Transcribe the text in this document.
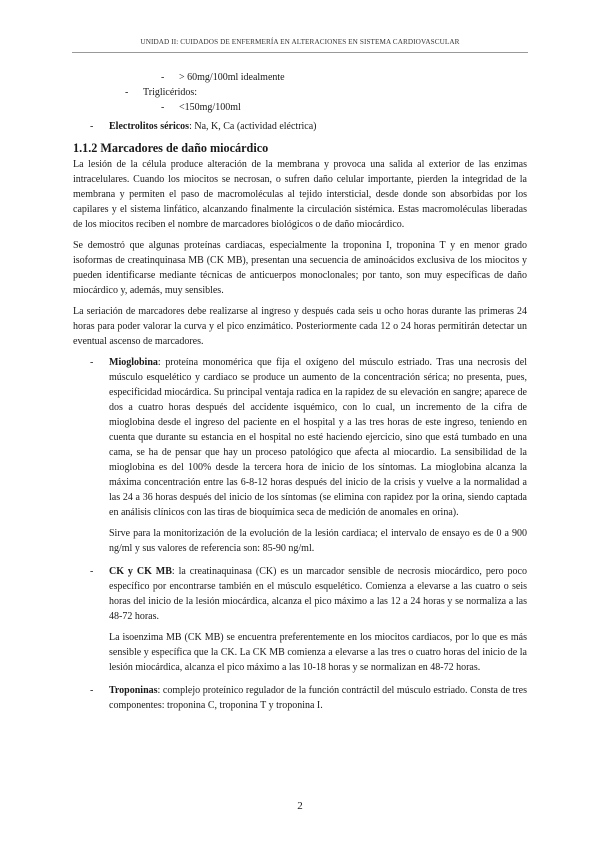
UNIDAD II: CUIDADOS DE ENFERMERÍA EN ALTERACIONES EN SISTEMA CARDIOVASCULAR
- > 60mg/100ml idealmente
- Triglicéridos:
- <150mg/100ml
- Electrolitos séricos: Na, K, Ca (actividad eléctrica)
1.1.2 Marcadores de daño miocárdico

La lesión de la célula produce alteración de la membrana y provoca una salida al exterior de las enzimas intracelulares. Cuando los miocitos se necrosan, o sufren daño celular importante, pierden la integridad de la membrana y permiten el paso de macromoléculas al tejido intersticial, desde donde son absorbidas por los capilares y el sistema linfático, alcanzando finalmente la circulación sistémica. Estas macromoléculas liberadas de los miocitos reciben el nombre de marcadores biológicos o de daño miocárdico.

Se demostró que algunas proteínas cardiacas, especialmente la troponina I, troponina T y en menor grado isoformas de creatinquinasa MB (CK MB), presentan una secuencia de aminoácidos exclusiva de los miocitos y pueden identificarse mediante técnicas de anticuerpos monoclonales; por tanto, son muy específicas de daño miocárdico y, además, muy sensibles.

La seriación de marcadores debe realizarse al ingreso y después cada seis u ocho horas durante las primeras 24 horas para poder valorar la curva y el pico enzimático. Posteriormente cada 12 o 24 horas permitirán detectar un eventual ascenso de marcadores.

- Mioglobina: proteína monomérica que fija el oxígeno del músculo estriado. Tras una necrosis del músculo esquelético y cardiaco se produce un aumento de la concentración sérica; no presenta, pues, especificidad miocárdica. Su principal ventaja radica en la rapidez de su elevación en sangre; aparece de dos a cuatro horas después del accidente isquémico, con lo cual, un incremento de la cifra de mioglobina desde el ingreso del paciente en el hospital y a las tres horas de este ingreso, teniendo en cuenta que durante su estancia en el hospital no esté haciendo ejercicio, sino que está tumbado en una cama, se ha de pensar que hay un proceso patológico que afecta al miocardio. La sensibilidad de la mioglobina es del 100% desde la tercera hora de inicio de los síntomas. La mioglobina alcanza la máxima concentración entre las 6-8-12 horas después del inicio de la crisis y vuelve a la normalidad a las 24 a 36 horas después del inicio de los síntomas (se elimina con rapidez por la orina, siendo captada en análisis clínicos con las tiras de bioquímica seca de medición de anomales en orina).

Sirve para la monitorización de la evolución de la lesión cardiaca; el intervalo de ensayo es de 0 a 900 ng/ml y sus valores de referencia son: 85-90 ng/ml.

- CK y CK MB: la creatinaquinasa (CK) es un marcador sensible de necrosis miocárdico, pero poco específico por encontrarse también en el músculo esquelético. Comienza a elevarse a las cuatro o seis horas del inicio de la lesión miocárdica, alcanza el pico máximo a las 12 a 24 horas y se normaliza a las 48-72 horas.

La isoenzima MB (CK MB) se encuentra preferentemente en los miocitos cardiacos, por lo que es más sensible y específica que la CK. La CK MB comienza a elevarse a las tres o cuatro horas del inicio de la lesión miocárdica, alcanza el pico máximo a las 10-18 horas y se normalizan en 48-72 horas.

- Troponinas: complejo proteínico regulador de la función contráctil del músculo estriado. Consta de tres componentes: troponina C, troponina T y troponina I.
2
